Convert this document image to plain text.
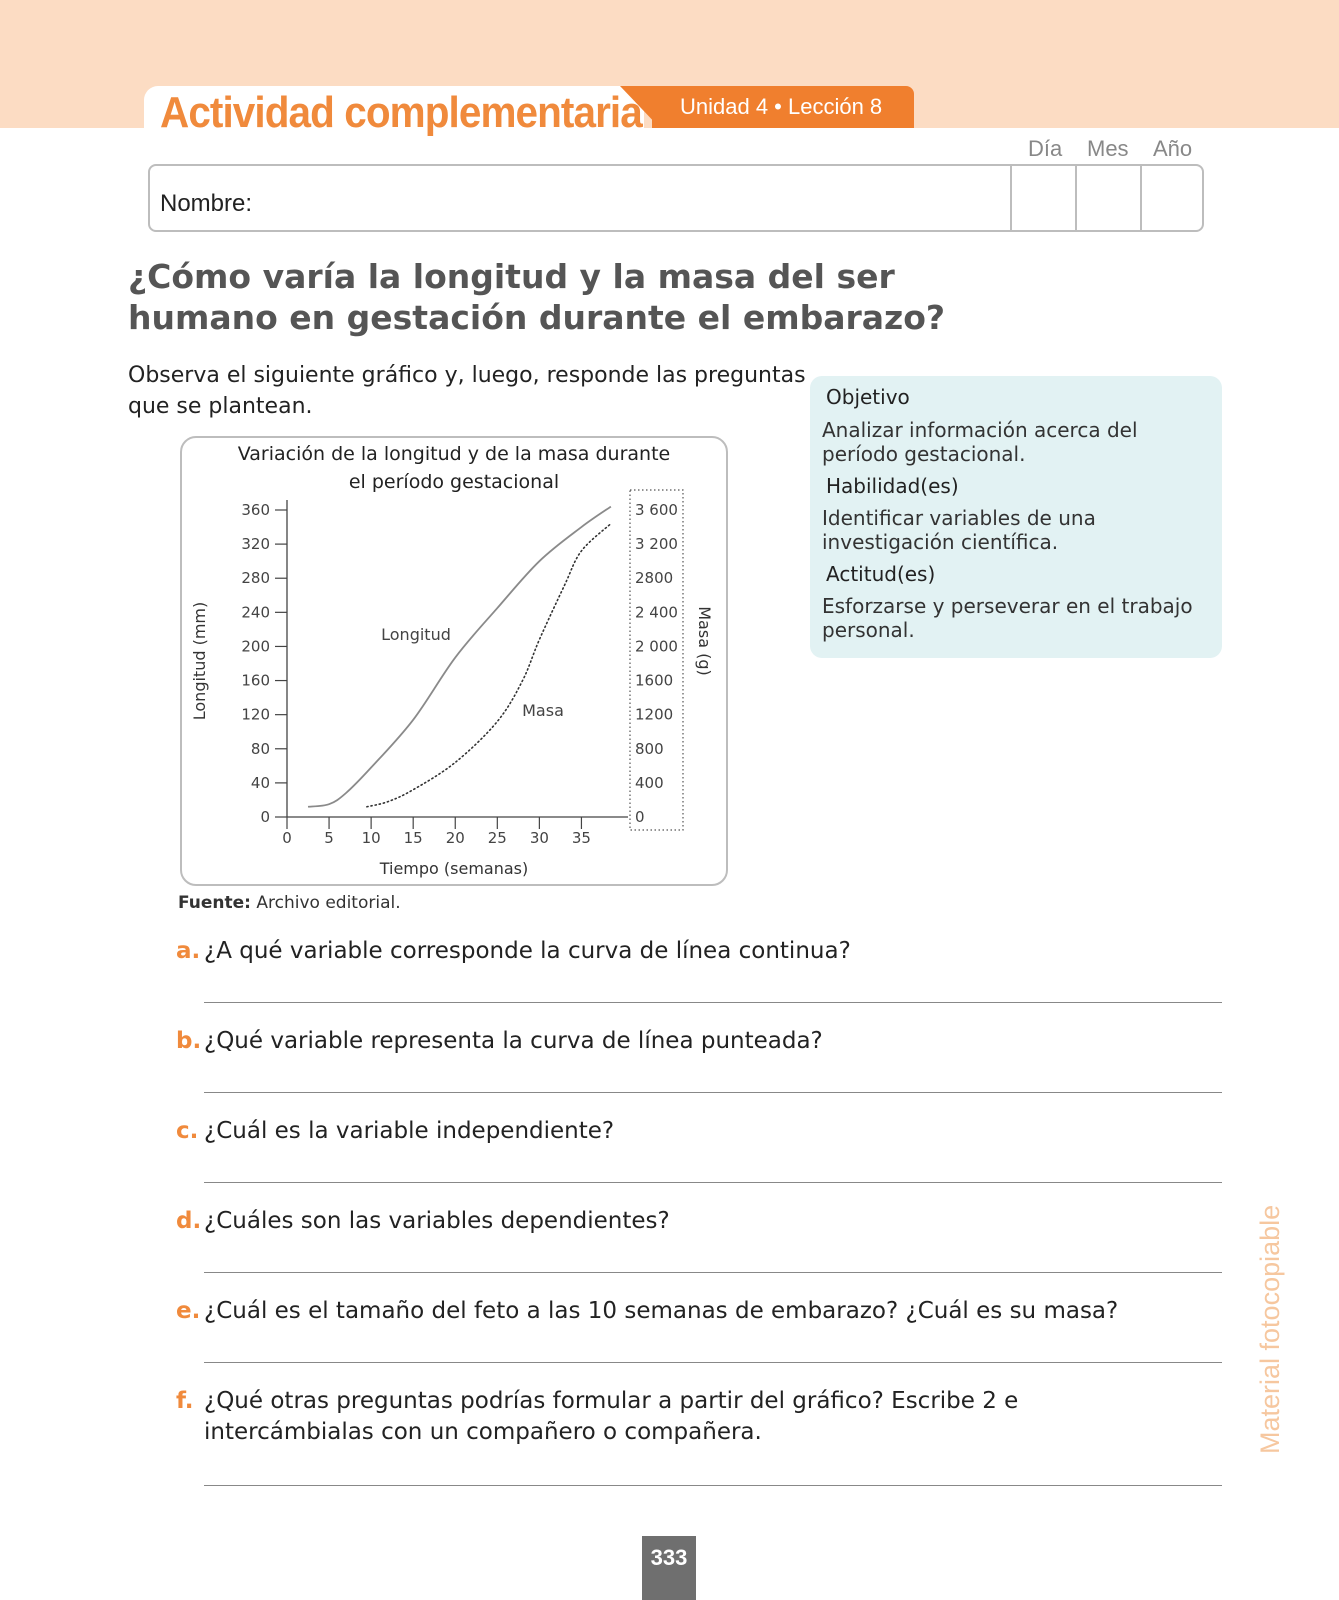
Actividad complementaria Unidad 4 • Lección 8
Día Mes Año
Nombre:
¿Cómo varía la longitud y la masa del ser
humano en gestación durante el embarazo?
Observa el siguiente gráfico y, luego, responde las preguntas que se plantean.	Objetivo
Analizar información acerca del período gestacional.
Habilidad(es)
Identificar variables de una investigación científica.
Actitud(es)
Esforzarse y perseverar en el trabajo personal.
Variación de la longitud y de la masa durante
el período gestacional
0
40
80
120
160
200
240
280
320
360
0
400
800
1200
1600
2 000
2 400
2800
3 200
3 600
0 5 10 15 20 25 30 35
Tiempo (semanas)
Longitud (mm)	Masa (g)
Longitud
Masa
Fuente: Archivo editorial.
a. ¿A qué variable corresponde la curva de línea continua?
b. ¿Qué variable representa la curva de línea punteada?
c. ¿Cuál es la variable independiente?
d. ¿Cuáles son las variables dependientes?
e. ¿Cuál es el tamaño del feto a las 10 semanas de embarazo? ¿Cuál es su masa?
f. ¿Qué otras preguntas podrías formular a partir del gráfico? Escribe 2 e intercámbialas con un compañero o compañera.	Material fotocopiable
333
